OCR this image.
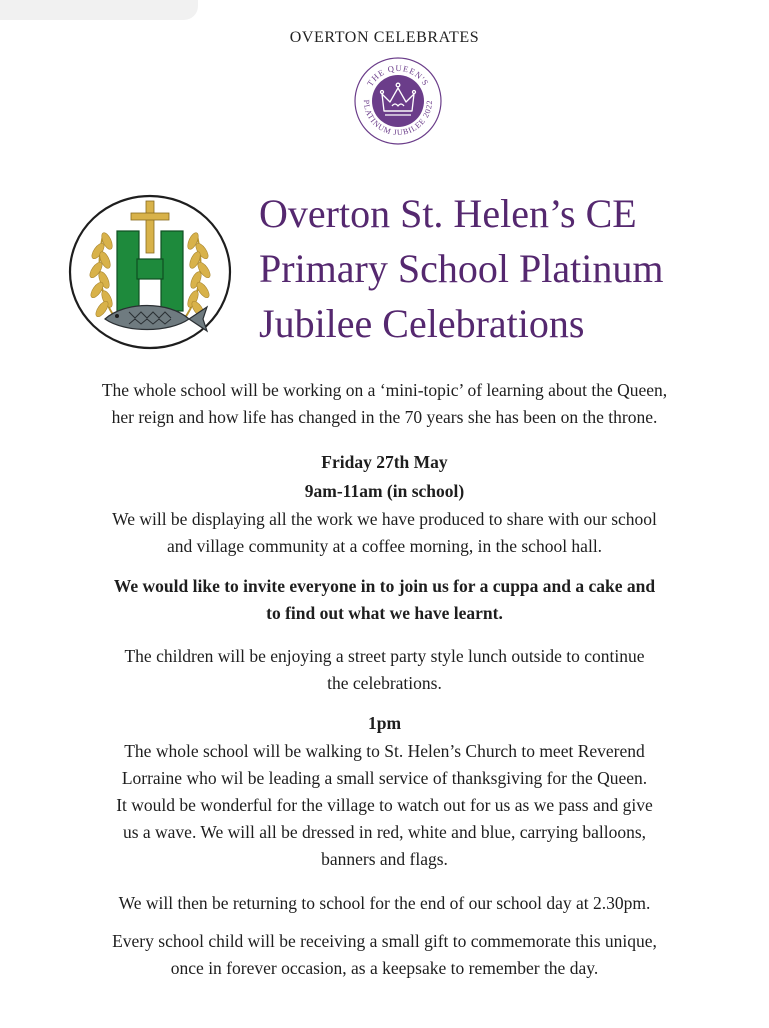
OVERTON CELEBRATES
THE QUEEN'S
PLATINUM JUBILEE 2022
Overton St. Helen’s CE
Primary School Platinum
Jubilee Celebrations

The whole school will be working on a ‘mini-topic’ of learning about the Queen,
her reign and how life has changed in the 70 years she has been on the throne.

Friday 27th May

9am-11am (in school)

We will be displaying all the work we have produced to share with our school
and village community at a coffee morning, in the school hall.

We would like to invite everyone in to join us for a cuppa and a cake and
to find out what we have learnt.

The children will be enjoying a street party style lunch outside to continue
the celebrations.

1pm

The whole school will be walking to St. Helen’s Church to meet Reverend
Lorraine who wil be leading a small service of thanksgiving for the Queen.
It would be wonderful for the village to watch out for us as we pass and give
us a wave. We will all be dressed in red, white and blue, carrying balloons,
banners and flags.

We will then be returning to school for the end of our school day at 2.30pm.

Every school child will be receiving a small gift to commemorate this unique,
once in forever occasion, as a keepsake to remember the day.
